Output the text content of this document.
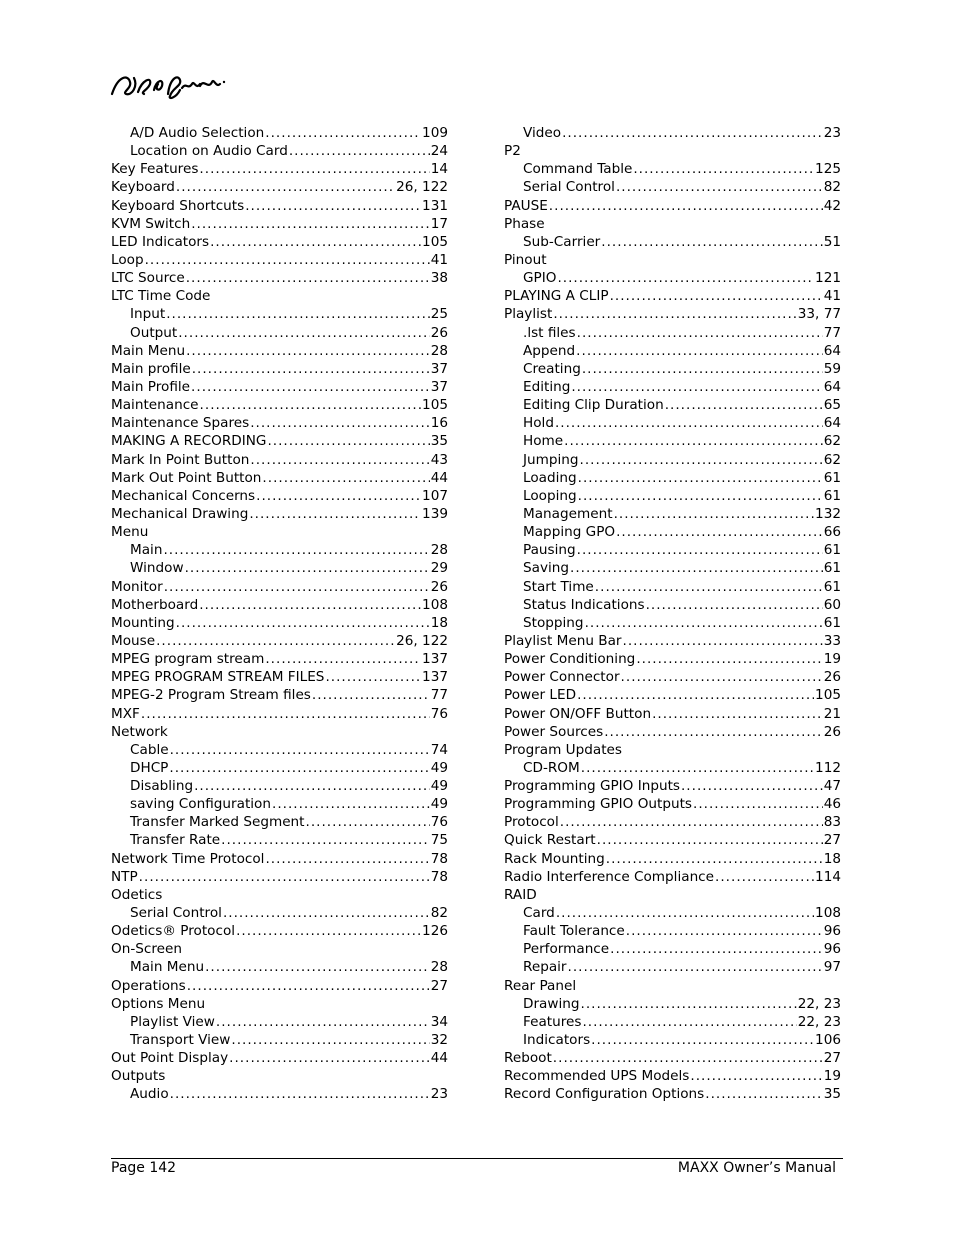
A/D Audio Selection .....	109
Location on Audio Card .....	24
Key Features .....	14
Keyboard .....	26, 122
Keyboard Shortcuts .....	131
KVM Switch .....	17
LED Indicators .....	105
Loop .....	41
LTC Source .....	38
LTC Time Code
Input .....	25
Output .....	26
Main Menu .....	28
Main profile .....	37
Main Profile .....	37
Maintenance .....	105
Maintenance Spares .....	16
MAKING A RECORDING .....	35
Mark In Point Button .....	43
Mark Out Point Button .....	44
Mechanical Concerns .....	107
Mechanical Drawing .....	139
Menu
Main .....	28
Window .....	29
Monitor .....	26
Motherboard .....	108
Mounting .....	18
Mouse .....	26, 122
MPEG program stream .....	137
MPEG PROGRAM STREAM FILES .....	137
MPEG-2 Program Stream files .....	77
MXF .....	76
Network
Cable .....	74
DHCP .....	49
Disabling .....	49
saving Configuration .....	49
Transfer Marked Segment .....	76
Transfer Rate .....	75
Network Time Protocol .....	78
NTP .....	78
Odetics
Serial Control .....	82
Odetics® Protocol .....	126
On-Screen
Main Menu .....	28
Operations .....	27
Options Menu
Playlist View .....	34
Transport View .....	32
Out Point Display .....	44
Outputs
Audio .....	23
Video .....	23
P2
Command Table .....	125
Serial Control .....	82
PAUSE .....	42
Phase
Sub-Carrier .....	51
Pinout
GPIO .....	121
PLAYING A CLIP .....	41
Playlist .....	33, 77
.lst files .....	77
Append .....	64
Creating .....	59
Editing .....	64
Editing Clip Duration .....	65
Hold .....	64
Home .....	62
Jumping .....	62
Loading .....	61
Looping .....	61
Management .....	132
Mapping GPO .....	66
Pausing .....	61
Saving .....	61
Start Time .....	61
Status Indications .....	60
Stopping .....	61
Playlist Menu Bar .....	33
Power Conditioning .....	19
Power Connector .....	26
Power LED .....	105
Power ON/OFF Button .....	21
Power Sources .....	26
Program Updates
CD-ROM .....	112
Programming GPIO Inputs .....	47
Programming GPIO Outputs .....	46
Protocol .....	83
Quick Restart .....	27
Rack Mounting .....	18
Radio Interference Compliance .....	114
RAID
Card .....	108
Fault Tolerance .....	96
Performance .....	96
Repair .....	97
Rear Panel
Drawing .....	22, 23
Features .....	22, 23
Indicators .....	106
Reboot .....	27
Recommended UPS Models .....	19
Record Configuration Options .....	35
Page 142	MAXX Owner’s Manual
